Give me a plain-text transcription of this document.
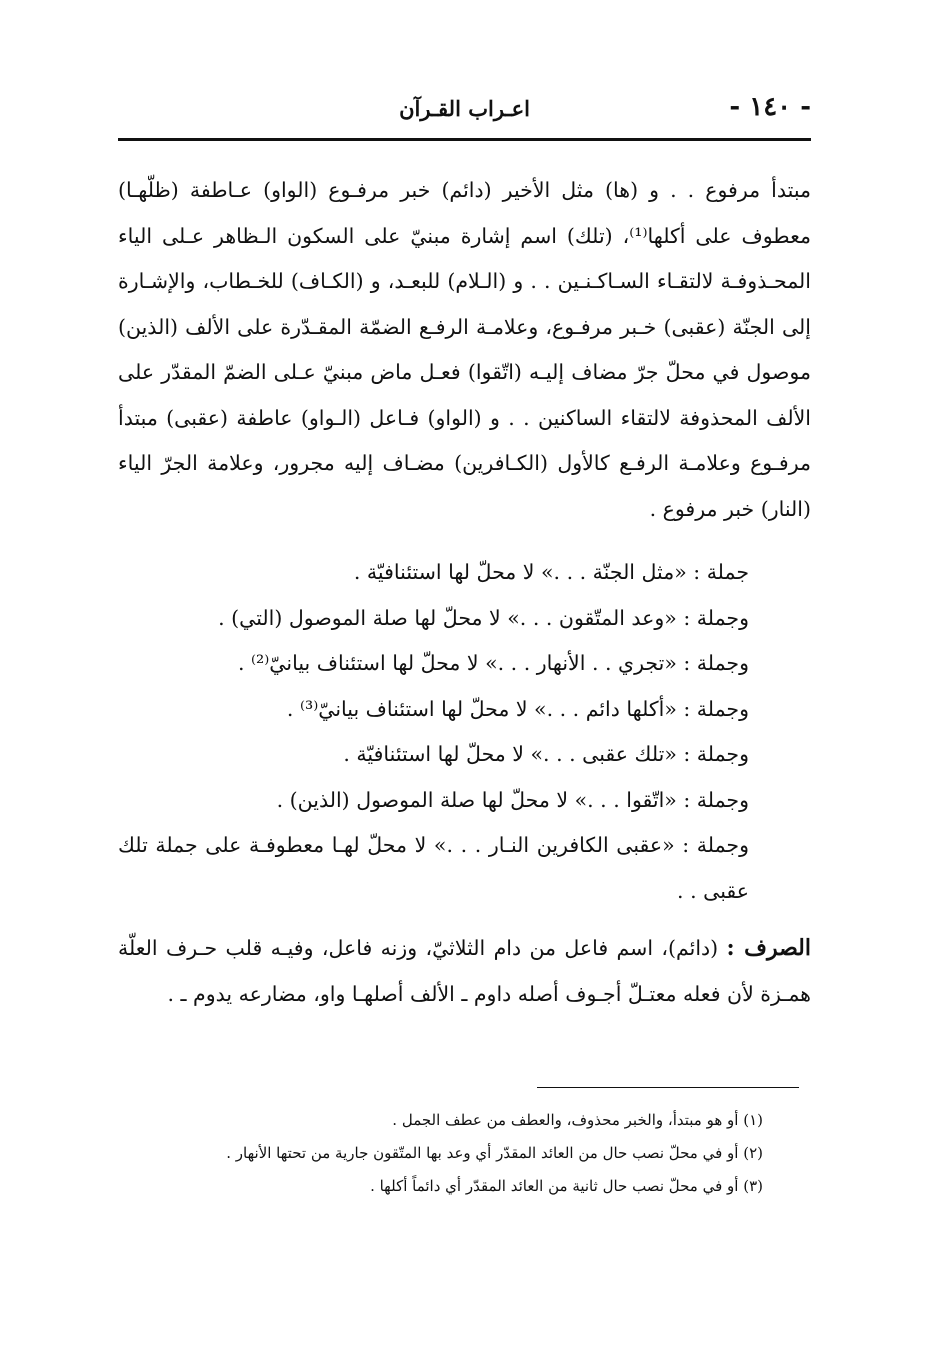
- ١٤٠ -
اعـراب القـرآن

مبتدأ مرفوع . . و (ها) مثل الأخير (دائم) خبر مرفـوع (الواو) عـاطفة (ظلّهـا) معطوف على أكلها⁽¹⁾، (تلك) اسم إشارة مبنيّ على السكون الـظاهر عـلى الياء المحـذوفـة لالتقـاء السـاكـنـين . . و (الـلام) للبعـد، و (الكـاف) للخـطاب، والإشـارة إلى الجنّة (عقبى) خـبر مرفـوع، وعلامـة الرفـع الضمّة المقـدّرة على الألف (الذين) موصول في محلّ جرّ مضاف إليـه (اتّقوا) فعـل ماض مبنيّ عـلى الضمّ المقدّر على الألف المحذوفة لالتقاء الساكنين . . و (الواو) فـاعل (الـواو) عاطفة (عقبى) مبتدأ مرفـوع وعلامـة الرفـع كالأول (الكـافرين) مضـاف إليه مجرور، وعلامة الجرّ الياء (النار) خبر مرفوع .

جملة : «مثل الجنّة . . .» لا محلّ لها استئنافيّة .

وجملة : «وعد المتّقون . . .» لا محلّ لها صلة الموصول (التي) .

وجملة : «تجري . . الأنهار . . .» لا محلّ لها استئناف بيانيّ⁽²⁾ .

وجملة : «أكلها دائم . . .» لا محلّ لها استئناف بيانيّ⁽³⁾ .

وجملة : «تلك عقبى . . .» لا محلّ لها استئنافيّة .

وجملة : «اتّقوا . . .» لا محلّ لها صلة الموصول (الذين) .

وجملة : «عقبى الكافرين النـار . . .» لا محلّ لهـا معطوفـة على جملة تلك عقبى . .

الصرف : (دائم)، اسم فاعل من دام الثلاثيّ، وزنه فاعل، وفيـه قلب حـرف العلّة همـزة لأن فعله معتـلّ أجـوف أصله داوم ـ الألف أصلهـا واو، مضارعه يدوم ـ .

(١) أو هو مبتدأ، والخبر محذوف، والعطف من عطف الجمل .

(٢) أو في محلّ نصب حال من العائد المقدّر أي وعد بها المتّقون جارية من تحتها الأنهار .

(٣) أو في محلّ نصب حال ثانية من العائد المقدّر أي دائماً أكلها .
